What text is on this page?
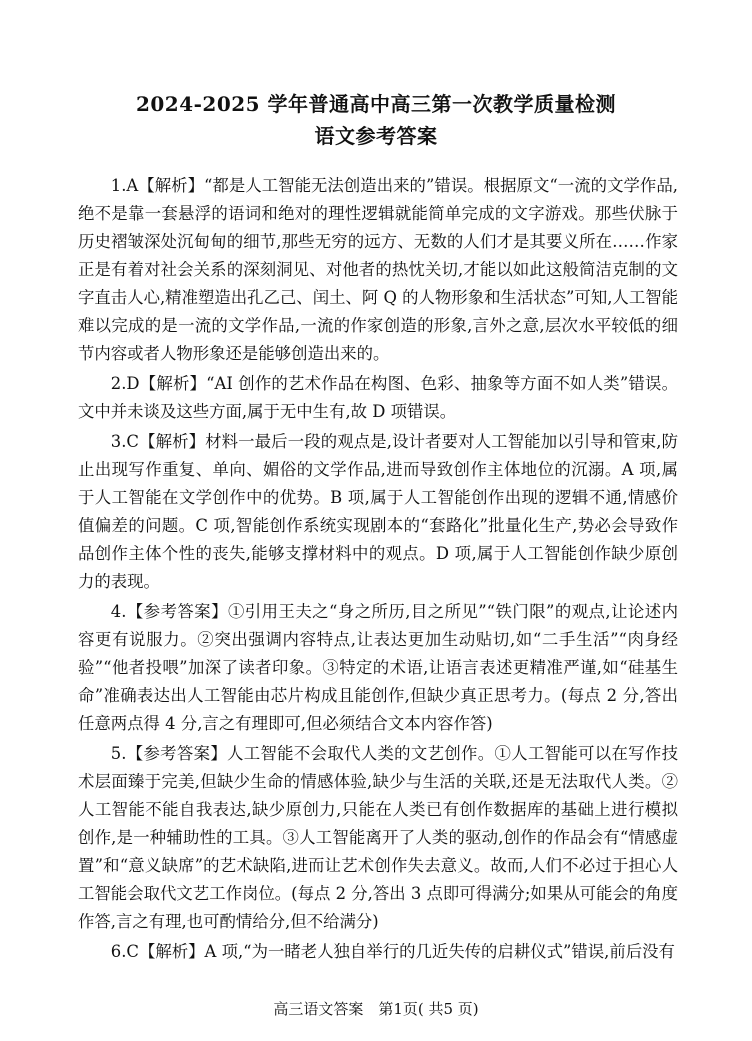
2024-2025 学年普通高中高三第一次教学质量检测
语文参考答案

1.A【解析】“都是人工智能无法创造出来的”错误。根据原文“一流的文学作品,绝不是靠一套悬浮的语词和绝对的理性逻辑就能简单完成的文字游戏。那些伏脉于历史褶皱深处沉甸甸的细节,那些无穷的远方、无数的人们才是其要义所在……作家正是有着对社会关系的深刻洞见、对他者的热忱关切,才能以如此这般简洁克制的文字直击人心,精准塑造出孔乙己、闰土、阿 Q 的人物形象和生活状态”可知,人工智能难以完成的是一流的文学作品,一流的作家创造的形象,言外之意,层次水平较低的细节内容或者人物形象还是能够创造出来的。

2.D【解析】“AI 创作的艺术作品在构图、色彩、抽象等方面不如人类”错误。文中并未谈及这些方面,属于无中生有,故 D 项错误。

3.C【解析】材料一最后一段的观点是,设计者要对人工智能加以引导和管束,防止出现写作重复、单向、媚俗的文学作品,进而导致创作主体地位的沉溺。A 项,属于人工智能在文学创作中的优势。B 项,属于人工智能创作出现的逻辑不通,情感价值偏差的问题。C 项,智能创作系统实现剧本的“套路化”批量化生产,势必会导致作品创作主体个性的丧失,能够支撑材料中的观点。D 项,属于人工智能创作缺少原创力的表现。

4.【参考答案】①引用王夫之“身之所历,目之所见”“铁门限”的观点,让论述内容更有说服力。②突出强调内容特点,让表达更加生动贴切,如“二手生活”“肉身经验”“他者投喂”加深了读者印象。③特定的术语,让语言表述更精准严谨,如“硅基生命”准确表达出人工智能由芯片构成且能创作,但缺少真正思考力。(每点 2 分,答出任意两点得 4 分,言之有理即可,但必须结合文本内容作答)

5.【参考答案】人工智能不会取代人类的文艺创作。①人工智能可以在写作技术层面臻于完美,但缺少生命的情感体验,缺少与生活的关联,还是无法取代人类。②人工智能不能自我表达,缺少原创力,只能在人类已有创作数据库的基础上进行模拟创作,是一种辅助性的工具。③人工智能离开了人类的驱动,创作的作品会有“情感虚置”和“意义缺席”的艺术缺陷,进而让艺术创作失去意义。故而,人们不必过于担心人工智能会取代文艺工作岗位。(每点 2 分,答出 3 点即可得满分;如果从可能会的角度作答,言之有理,也可酌情给分,但不给满分)

6.C【解析】A 项,“为一睹老人独自举行的几近失传的启耕仪式”错误,前后没有

高三语文答案　第1页( 共5 页)
